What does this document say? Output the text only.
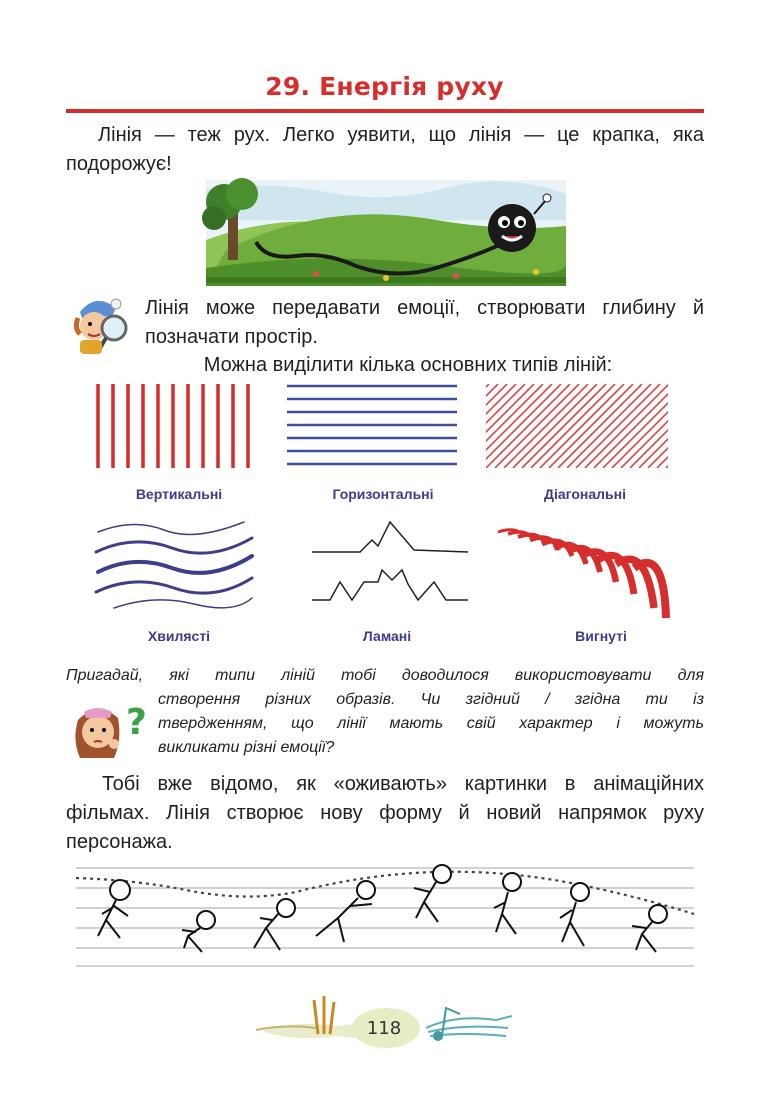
29. Енергія руху
Лінія — теж рух. Легко уявити, що лінія — це крапка, яка подорожує!
Лінія може передавати емоції, створювати глибину й
позначати простір.
Можна виділити кілька основних типів ліній:
Вертикальні	Горизонтальні	Діагональні
Хвилясті	Ламані	Вигнуті
Пригадай, які типи ліній тобі доводилося використовувати для
створення різних образів. Чи згідний / згідна ти із
твердженням, що лінії мають свій характер і можуть
викликати різні емоції?
?
Тобі вже відомо, як «оживають» картинки в анімаційних
фільмах. Лінія створює нову форму й новий напрямок руху
персонажа.
118
